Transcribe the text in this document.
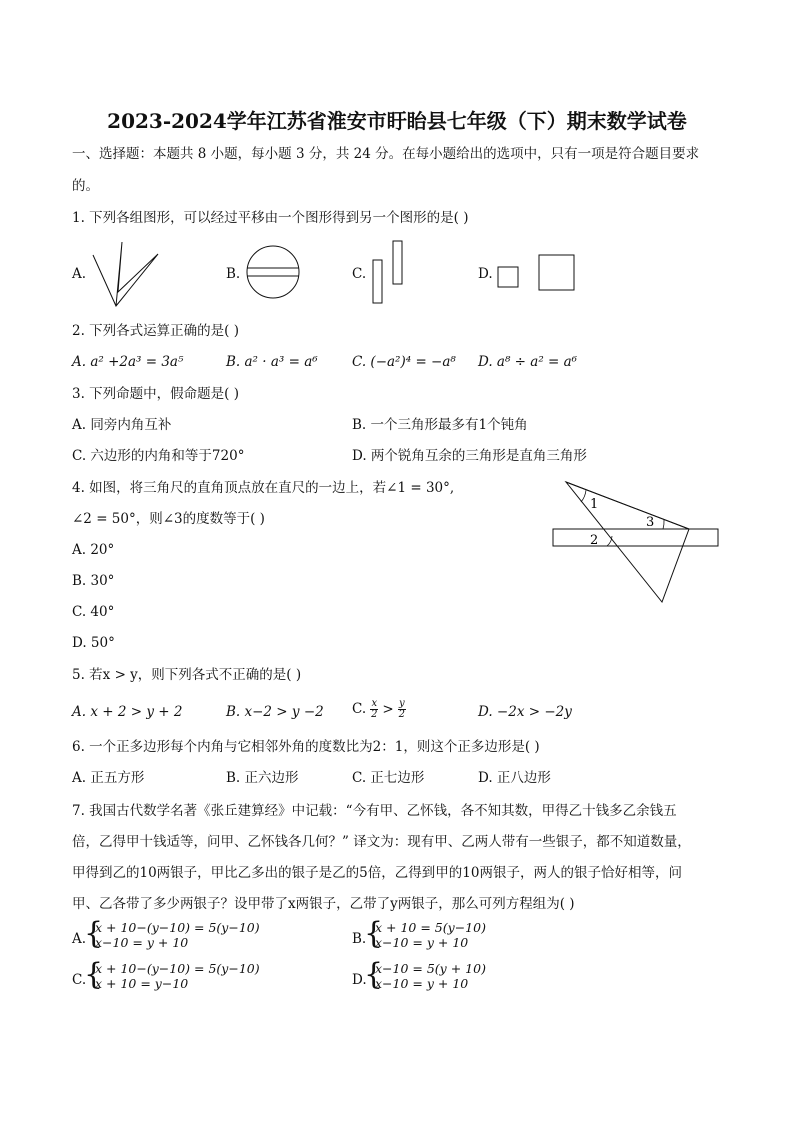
2023-2024学年江苏省淮安市盱眙县七年级（下）期末数学试卷
一、选择题：本题共 8 小题，每小题 3 分，共 24 分。在每小题给出的选项中，只有一项是符合题目要求
的。
1. 下列各组图形，可以经过平移由一个图形得到另一个图形的是( )
A.	B.	C.	D.
2. 下列各式运算正确的是( )
A. a² +2a³ = 3a⁵	B. a² · a³ = a⁶	C. (−a²)⁴ = −a⁸ D. a⁸ ÷ a² = a⁶
3. 下列命题中，假命题是( )
A. 同旁内角互补	B. 一个三角形最多有1个钝角
C. 六边形的内角和等于720°	D. 两个锐角互余的三角形是直角三角形
4. 如图，将三角尺的直角顶点放在直尺的一边上，若∠1 = 30°,
∠2 = 50°，则∠3的度数等于( )
A. 20°
B. 30°
C. 40°
D. 50°
1
2
3
5. 若x > y，则下列各式不正确的是( )
A. x + 2 > y + 2	B. x−2 > y −2 C. $\frac{x}{2} > \frac{y}{2}$	D. −2x > −2y
6. 一个正多边形每个内角与它相邻外角的度数比为2：1，则这个正多边形是( )
A. 正五方形	B. 正六边形	C. 正七边形	D. 正八边形
7. 我国古代数学名著《张丘建算经》中记载：“今有甲、乙怀钱，各不知其数，甲得乙十钱多乙余钱五
倍，乙得甲十钱适等，问甲、乙怀钱各几何？” 译文为：现有甲、乙两人带有一些银子，都不知道数量，
甲得到乙的10两银子，甲比乙多出的银子是乙的5倍，乙得到甲的10两银子，两人的银子恰好相等，问
甲、乙各带了多少两银子？设甲带了x两银子，乙带了y两银子，那么可列方程组为( )
A.
{
x + 10−(y−10) = 5(y−10)
x−10 = y + 10	B.
{
x + 10 = 5(y−10)
x−10 = y + 10
C.
{
x + 10−(y−10) = 5(y−10)
x + 10 = y−10	D.
{
x−10 = 5(y + 10)
x−10 = y + 10
